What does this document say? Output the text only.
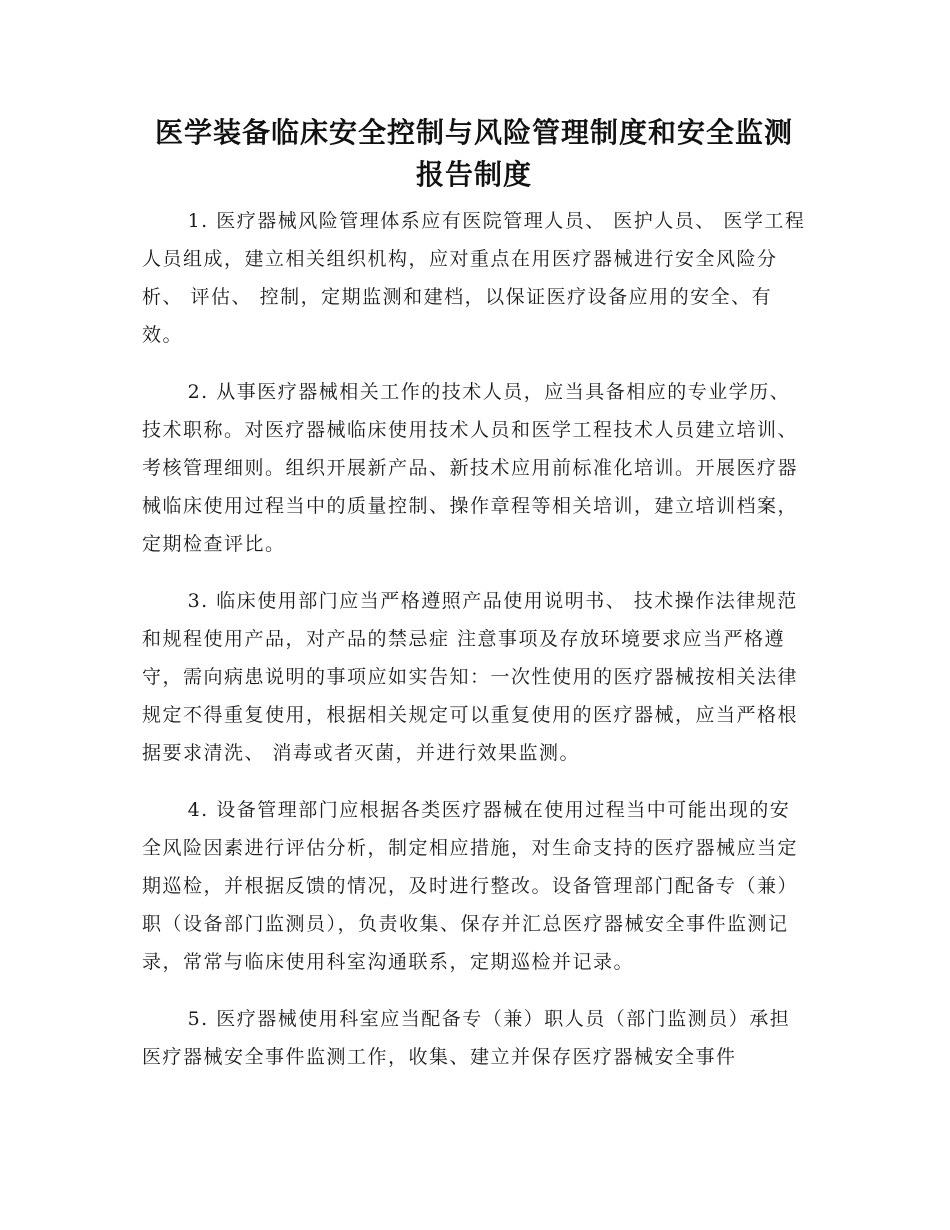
医学装备临床安全控制与风险管理制度和安全监测报告制度

1. 医疗器械风险管理体系应有医院管理人员、 医护人员、 医学工程人员组成，建立相关组织机构，应对重点在用医疗器械进行安全风险分析、 评估、 控制，定期监测和建档，以保证医疗设备应用的安全、有效。

2. 从事医疗器械相关工作的技术人员，应当具备相应的专业学历、技术职称。对医疗器械临床使用技术人员和医学工程技术人员建立培训、考核管理细则。组织开展新产品、新技术应用前标准化培训。开展医疗器械临床使用过程当中的质量控制、操作章程等相关培训，建立培训档案，定期检查评比。

3. 临床使用部门应当严格遵照产品使用说明书、 技术操作法律规范和规程使用产品，对产品的禁忌症 注意事项及存放环境要求应当严格遵守，需向病患说明的事项应如实告知：一次性使用的医疗器械按相关法律规定不得重复使用，根据相关规定可以重复使用的医疗器械，应当严格根据要求清洗、 消毒或者灭菌，并进行效果监测。

4. 设备管理部门应根据各类医疗器械在使用过程当中可能出现的安全风险因素进行评估分析，制定相应措施，对生命支持的医疗器械应当定期巡检，并根据反馈的情况，及时进行整改。设备管理部门配备专（兼）职（设备部门监测员），负责收集、保存并汇总医疗器械安全事件监测记录，常常与临床使用科室沟通联系，定期巡检并记录。

5. 医疗器械使用科室应当配备专（兼）职人员（部门监测员）承担医疗器械安全事件监测工作，收集、建立并保存医疗器械安全事件
